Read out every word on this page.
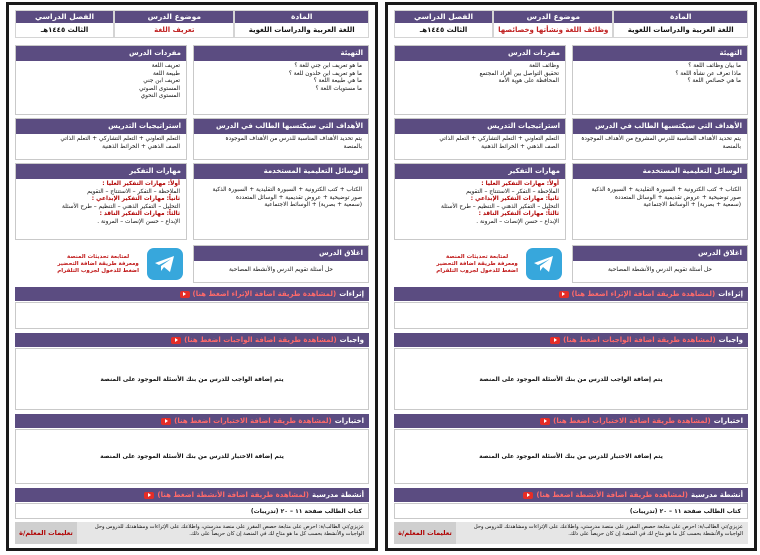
المادة
اللغة العربية والدراسات اللغوية
موضوع الدرس
تعريف اللغة
الفصل الدراسي
الثالث ١٤٤٥هـ
التهيئة
ما هو تعريف ابن جني للغة ؟
ما هو تعريف ابن خلدون للغة ؟
ما هي طبيعة اللغة ؟
ما مستويات اللغة ؟
مفردات الدرس
تعريف اللغة
طبيعة اللغة
تعريف ابن جني
المستوى الصوتي
المستوى النحوي
الأهداف التي سيكتسبها الطالب في الدرس
يتم تحديد الأهداف المناسبة للدرس من الأهداف الموجودة
بالمنصة
استراتيجيات التدريس
التعلم التعاوني + التعلم التشاركي + التعلم الذاتي
الصف الذهني + الخرائط الذهنية
الوسائل التعليمية المستخدمة
الكتاب + كتب الكترونية + السبورة التقليدية + السبورة الذكية
صور توضيحية + عروض تقديمية + الوسائل المتعددة
(سمعية + بصرية) + الوسائط الاجتماعية
مهارات التفكير
أولاً: مهارات التفكير العليا :
الملاحظة – التفكر – الاستنتاج – التقويم
ثانياً: مهارات التفكير الإبداعي :
التحليل – التفكير الذهني – التنظيم – طرح الأسئلة
ثالثاً: مهارات التفكير الناقد :
الإبداع – حسن الإنصات – المرونة .
اغلاق الدرس
حل أسئلة تقويم الدرس والأنشطة المصاحبة
لمتابعة تحديثات المنصة
ومعرفة طريقة اضافة التحضير
اضغط للدخول لجروب التلقرام
إثراءات
(لمشاهدة طريقة اضافة الإثراء اضغط هنا)
واجبات
(لمشاهدة طريقة اضافة الواجبات اضغط هنا)
يتم إضافة الواجب للدرس من بنك الأسئلة الموجود على المنصة
اختبارات
(لمشاهدة طريقة اضافة الاختبارات اضغط هنا)
يتم إضافة الاختبار للدرس من بنك الأسئلة الموجود على المنصة
أنشطة مدرسية
(لمشاهدة طريقة اضافة الأنشطة اضغط هنا)
كتاب الطالب صفحة ١١ – ٢٠ (تدريبات)
عزيزي/تي الطالب/ة: احرص على متابعة حصص المقرر على منصة مدرستي، واطلاعك على الإثراءات ومشاهدتك للدروس وحل الواجبات والأنشطة بحسب كل ما هو متاح لك في المنصة إن كان حريصاً على ذلك.
تعليمات المعلم/ة
المادة
اللغة العربية والدراسات اللغوية
موضوع الدرس
وظائف اللغة ونشأتها وخصائصها
الفصل الدراسي
الثالث ١٤٤٥هـ
التهيئة
ما بيان وظائف اللغة ؟
ماذا تعرف عن نشأة اللغة ؟
ما هي خصائص اللغة ؟
مفردات الدرس
وظائف اللغة
تحقيق التواصل بين أفراد المجتمع
المحافظة على هوية الأمة
الأهداف التي سيكتسبها الطالب في الدرس
يتم تحديد الأهداف المناسبة للدرس المشروع من الأهداف الموجودة
بالمنصة
استراتيجيات التدريس
التعلم التعاوني + التعلم التشاركي + التعلم الذاتي
الصف الذهني + الخرائط الذهنية
الوسائل التعليمية المستخدمة
الكتاب + كتب الكترونية + السبورة التقليدية + السبورة الذكية
صور توضيحية + عروض تقديمية + الوسائل المتعددة
(سمعية + بصرية) + الوسائط الاجتماعية
مهارات التفكير
أولاً: مهارات التفكير العليا :
الملاحظة – التفكر – الاستنتاج – التقويم
ثانياً: مهارات التفكير الإبداعي :
التحليل – التفكير الذهني – التنظيم – طرح الأسئلة
ثالثاً: مهارات التفكير الناقد :
الإبداع – حسن الإنصات – المرونة .
اغلاق الدرس
حل أسئلة تقويم الدرس والأنشطة المصاحبة
لمتابعة تحديثات المنصة
ومعرفة طريقة اضافة التحضير
اضغط للدخول لجروب التلقرام
إثراءات
(لمشاهدة طريقة اضافة الإثراء اضغط هنا)
واجبات
(لمشاهدة طريقة اضافة الواجبات اضغط هنا)
يتم إضافة الواجب للدرس من بنك الأسئلة الموجود على المنصة
اختبارات
(لمشاهدة طريقة اضافة الاختبارات اضغط هنا)
يتم إضافة الاختبار للدرس من بنك الأسئلة الموجود على المنصة
أنشطة مدرسية
(لمشاهدة طريقة اضافة الأنشطة اضغط هنا)
كتاب الطالب صفحة ١١ – ٢٠ (تدريبات)
عزيزي/تي الطالب/ة: احرص على متابعة حصص المقرر على منصة مدرستي، واطلاعك على الإثراءات ومشاهدتك للدروس وحل الواجبات والأنشطة بحسب كل ما هو متاح لك في المنصة إن كان حريصاً على ذلك.
تعليمات المعلم/ة
